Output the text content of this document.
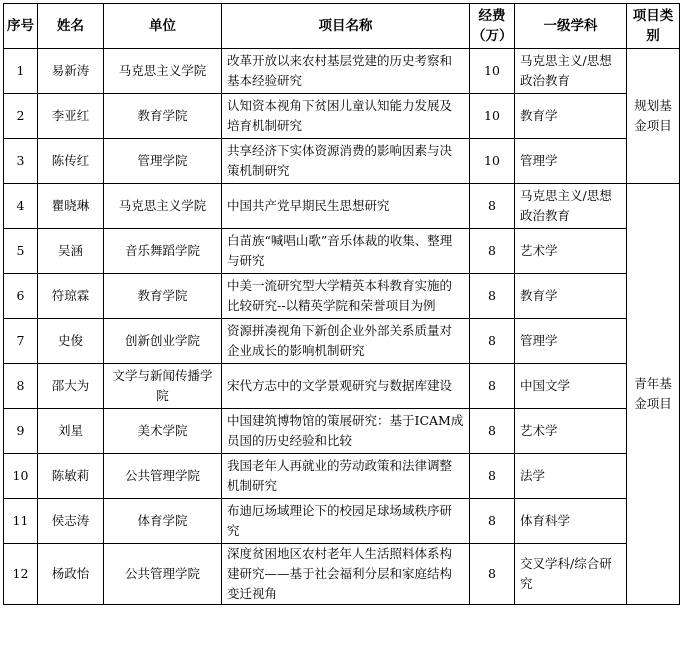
序号	姓名	单位	项目名称	经费（万）	一级学科	项目类别
1	易新涛	马克思主义学院	改革开放以来农村基层党建的历史考察和基本经验研究	10	马克思主义/思想政治教育	规划基金项目
2	李亚红	教育学院	认知资本视角下贫困儿童认知能力发展及培育机制研究	10	教育学	
3	陈传红	管理学院	共享经济下实体资源消费的影响因素与决策机制研究	10	管理学	
4	瞿晓琳	马克思主义学院	中国共产党早期民生思想研究	8	马克思主义/思想政治教育	青年基金项目
5	吴涵	音乐舞蹈学院	白苗族“喊唱山歌”音乐体裁的收集、整理与研究	8	艺术学	
6	符琼霖	教育学院	中美一流研究型大学精英本科教育实施的比较研究--以精英学院和荣誉项目为例	8	教育学	
7	史俊	创新创业学院	资源拼凑视角下新创企业外部关系质量对企业成长的影响机制研究	8	管理学	
8	邵大为	文学与新闻传播学院	宋代方志中的文学景观研究与数据库建设	8	中国文学	
9	刘星	美术学院	中国建筑博物馆的策展研究：基于ICAM成员国的历史经验和比较	8	艺术学	
10	陈敏莉	公共管理学院	我国老年人再就业的劳动政策和法律调整机制研究	8	法学	
11	侯志涛	体育学院	布迪厄场域理论下的校园足球场域秩序研究	8	体育科学	
12	杨政怡	公共管理学院	深度贫困地区农村老年人生活照料体系构建研究——基于社会福利分层和家庭结构变迁视角	8	交叉学科/综合研究	
